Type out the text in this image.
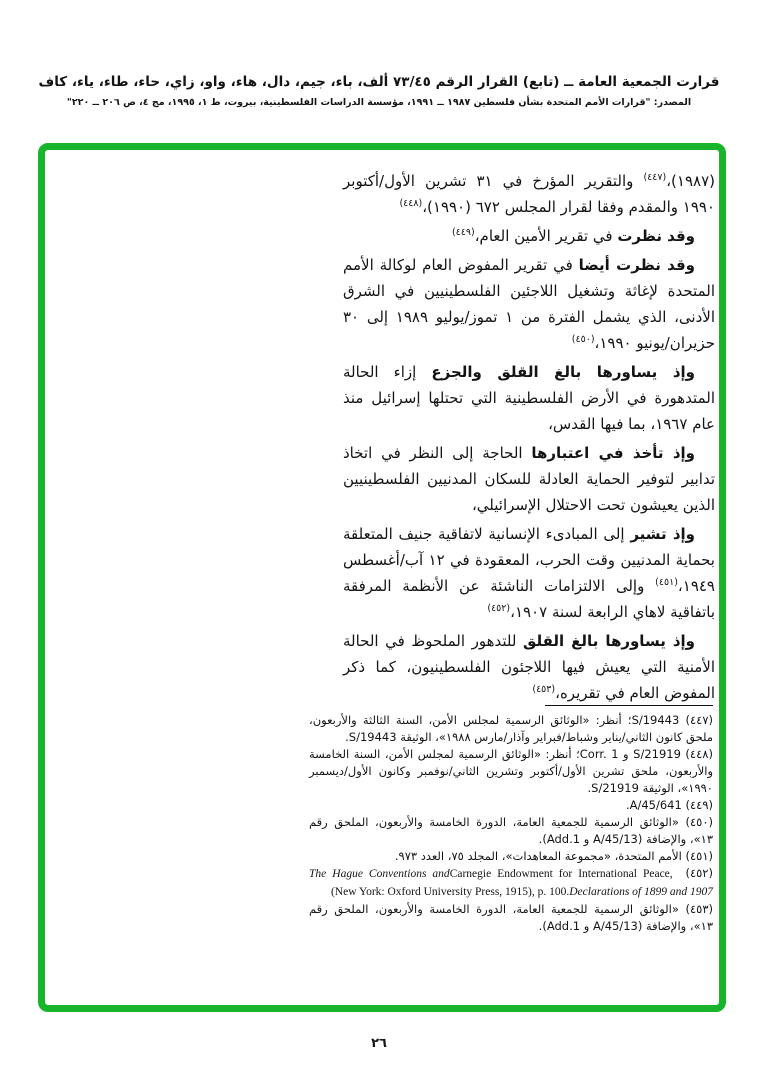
قرارت الجمعية العامة ــ (تابع) القرار الرقم ٧٣/٤٥ ألف، باء، جيم، دال، هاء، واو، زاي، حاء، طاء، ياء، كاف
المصدر: "قرارات الأمم المتحدة بشأن فلسطين ١٩٨٧ ــ ١٩٩١، مؤسسة الدراسات الفلسطينية، بيروت، ط ١، ١٩٩٥، مج ٤، ص ٢٠٦ ــ ٢٢٠"

(١٩٨٧)،$^{(٤٤٧)}$ والتقرير المؤرخ في ٣١ تشرين الأول/أكتوبر ١٩٩٠ والمقدم وفقا لقرار المجلس ٦٧٢ (١٩٩٠)،$^{(٤٤٨)}$

وقد نظرت في تقرير الأمين العام،$^{(٤٤٩)}$

وقد نظرت أيضا في تقرير المفوض العام لوكالة الأمم المتحدة لإغاثة وتشغيل اللاجئين الفلسطينيين في الشرق الأدنى، الذي يشمل الفترة من ١ تموز/يوليو ١٩٨٩ إلى ٣٠ حزيران/يونيو ١٩٩٠،$^{(٤٥٠)}$

وإذ يساورها بالغ القلق والجزع إزاء الحالة المتدهورة في الأرض الفلسطينية التي تحتلها إسرائيل منذ عام ١٩٦٧، بما فيها القدس،

وإذ تأخذ في اعتبارها الحاجة إلى النظر في اتخاذ تدابير لتوفير الحماية العادلة للسكان المدنيين الفلسطينيين الذين يعيشون تحت الاحتلال الإسرائيلي،

وإذ تشير إلى المبادىء الإنسانية لاتفاقية جنيف المتعلقة بحماية المدنيين وقت الحرب، المعقودة في ١٢ آب/أغسطس ١٩٤٩،$^{(٤٥١)}$ وإلى الالتزامات الناشئة عن الأنظمة المرفقة باتفاقية لاهاي الرابعة لسنة ١٩٠٧،$^{(٤٥٢)}$

وإذ يساورها بالغ القلق للتدهور الملحوظ في الحالة الأمنية التي يعيش فيها اللاجئون الفلسطينيون، كما ذكر المفوض العام في تقريره،$^{(٤٥٣)}$

(٤٤٧) S/19443؛ أنظر: «الوثائق الرسمية لمجلس الأمن، السنة الثالثة والأربعون، ملحق كانون الثاني/يناير وشباط/فبراير وآذار/مارس ١٩٨٨»، الوثيقة S/19443.

(٤٤٨) S/21919 و Corr. 1؛ أنظر: «الوثائق الرسمية لمجلس الأمن، السنة الخامسة والأربعون، ملحق تشرين الأول/أكتوبر وتشرين الثاني/نوفمبر وكانون الأول/ديسمبر ١٩٩٠»، الوثيقة S/21919.

(٤٤٩) A/45/641.

(٤٥٠) «الوثائق الرسمية للجمعية العامة، الدورة الخامسة والأربعون، الملحق رقم ١٣»، والإضافة (A/45/13 و Add.1).

(٤٥١) الأمم المتحدة، «مجموعة المعاهدات»، المجلد ٧٥، العدد ٩٧٣.

(٤٥٢) Carnegie Endowment for International Peace, The Hague Conventions and Declarations of 1899 and 1907 (New York: Oxford University Press, 1915), p. 100.

(٤٥٣) «الوثائق الرسمية للجمعية العامة، الدورة الخامسة والأربعون، الملحق رقم ١٣»، والإضافة (A/45/13 و Add.1).

٢٦
